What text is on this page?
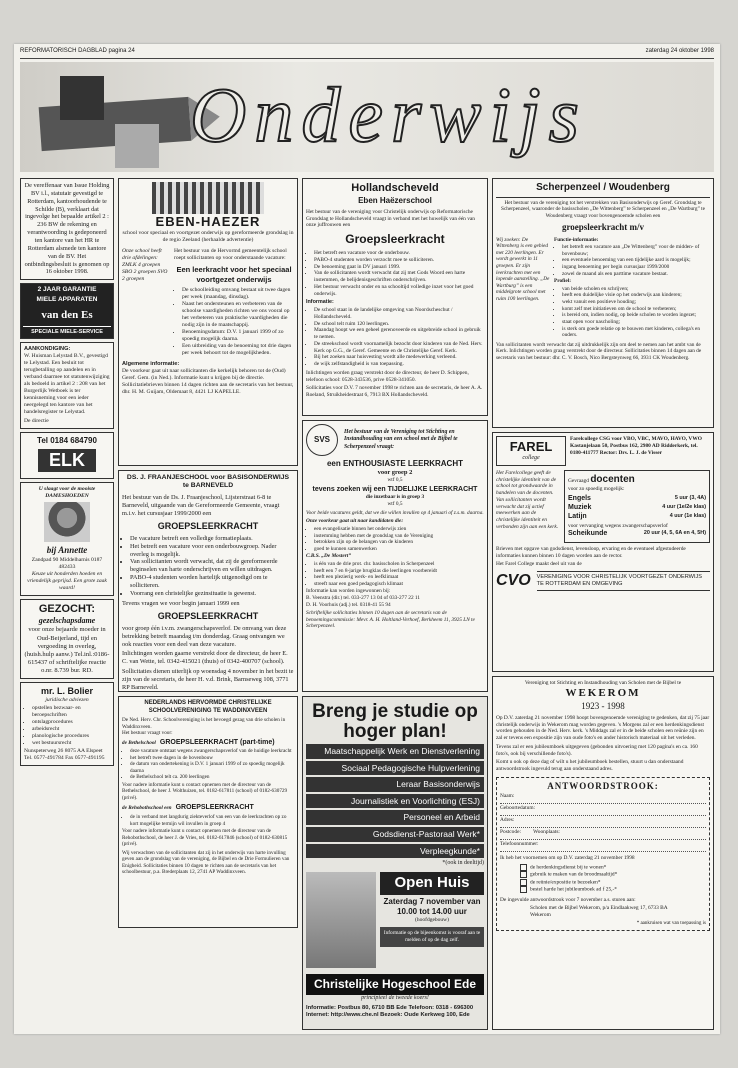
REFORMATORISCH DAGBLAD pagina 24	zaterdag 24 oktober 1998
Onderwijs
De vereffenaar van Issue Holding BV i.l., statutair gevestigd te Rotterdam, kantoorhoudende te Schilde (B), verklaart dat ingevolge het bepaalde artikel 2 : 236 BW de rekening en verantwoording is gedeponeerd ten kantore van het HR te Rotterdam alsmede ten kantore van de BV. Het ontbindingsbesluit is genomen op 16 oktober 1998.
2 JAAR GARANTIE
MIELE APPARATEN
van den Es
SPECIALE MIELE-SERVICE
AANKONDIGING:
W. Huisman Lelystad B.V., gevestigd te Lelystad. Een besluit tot terugbetalling op aandelen en in verband daarmee tot statutenwijziging als bedoeld in artikel 2 : 208 van het Burgerlijk Wetboek is ter kennisneming voor een ieder neergelegd ten kantore van het handelsregister te Lelystad.
De directie
Tel 0184 684790
ELK
U slaagt voor de mooiste DAMESHOEDEN
bij Annette
Zandpad 90 Middelharnis 0187 482433
Keuze uit honderden hoeden en vriendelijk geprijsd. Een grote zaak waard!
GEZOCHT:
gezelschapsdame
voor onze bejaarde moeder in Oud-Beijerland, tijd en vergoeding in overleg, (huish.hulp aanw.) Tel.inl.:0186-615437 of schriftelijke reactie o.nr. 8.739 bur. RD.
mr. L. Bolier
juridische adviezen
• opstellen bezwaar- en beroepschriften
• ontslagprocedures
• arbeidsrecht
• planologische procedures
• wet bestuursrecht
Nunspeterweg 26 8075 AA Elspeet Tel. 0577-491784 Fax 0577-491195
EBEN-HAEZER
school voor speciaal en voortgezet onderwijs op gereformeerde grondslag in de regio Zeeland (herhaalde advertentie)
Onze school heeft drie afdelingen: ZMLK 4 groepen SBO 2 groepen SVO 2 groepen
Het bestuur van de Hervormd gemeentelijk school roept sollicitanten op voor onderstaande vacature:
Een leerkracht voor het speciaal voortgezet onderwijs
• De schoolleiding omvang bestaat uit twee dagen per week (maandag, dinsdag).
• Naast het ondersteunen en verbeteren van de schoolse vaardigheden richten we ons vooral op het verbeteren van praktische vaardigheden die nodig zijn in de maatschappij.
• Benoemingsdatum: D.V. 1 januari 1999 of zo spoedig mogelijk daarna.
• Een uitbreiding van de benoeming tot drie dagen per week behoort tot de mogelijkheden.
Algemene informatie:
De voorkeur gaat uit naar sollicitanten die kerkelijk behoren tot de (Oud) Geref. Gem. (in Ned.). Informatie kunt u krijgen bij de directie. Sollicitatiebrieven binnen 14 dagen richten aan de secretaris van het bestuur, dhr. H. M. Guijam, Oldemaat 8, 4421 LJ KAPELLE.
DS. J. FRAANJESCHOOL voor BASISONDERWIJS
te BARNEVELD
Het bestuur van de Ds. J. Fraanjeschool, Lijsterstraat 6-8 te Barneveld, uitgaande van de Gereformeerde Gemeente, vraagt m.i.v. het cursusjaar 1999/2000 een
GROEPSLEERKRACHT
• De vacature betreft een volledige formatieplaats.
• Het betreft een vacature voor een onderbouwgroep. Nader overleg is mogelijk.
• Van sollicitanten wordt verwacht, dat zij de gereformeerde beginselen van harte onderschrijven en willen uitdragen.
• PABO-4 studenten worden hartelijk uitgenodigd om te solliciteren.
• Voorrang een christelijke gezinsituatie is gewenst.
Tevens vragen we voor begin januari 1999 een
GROEPSLEERKRACHT
voor groep één i.v.m. zwangerschapsverlof. De omvang van deze betrekking betreft maandag t/m donderdag. Graag ontvangen we ook reacties voor een deel van deze vacature.
Inlichtingen worden gaarne verstrekt door de directeur, de heer E. C. van Wette, tel. 0342-415021 (thuis) of 0342-400707 (school).
Sollicitaties dienen uiterlijk op woensdag 4 november in het bezit te zijn van de secretaris, de heer H. v.d. Brink, Barnseweg 108, 3771 RP Barneveld.
NEDERLANDS HERVORMDE CHRISTELIJKE SCHOOLVERENIGING TE WADDINXVEEN
De Ned. Herv. Chr. Schoolvereniging is het bevoegd gezag van drie scholen in Waddinxveen.
Het bestuur vraagt voor:
de Bethelschool GROEPSLEERKRACHT (part-time)
• deze vacature ontstaat wegens zwangerschapsverlof van de huidige leerkracht
• het betreft twee dagen in de bovenbouw
• de datum van ondertekening is D.V. 1 januari 1999 of zo spoedig mogelijk daarna
• de Bethelschool telt ca. 200 leerlingen
Voor nadere informatie kunt u contact opnemen met de directeur van de Bethelschool, de heer J. Wolthuizen, tel. 0182-617811 (school) of 0182-630729 (privé).
de Rehobothschool een GROEPSLEERKRACHT
• de in verband met langdurig ziekteverlof van een van de leerkrachten op zo kort mogelijke termijn wil invullen in groep 4
Voor nadere informatie kunt u contact opnemen met de directeur van de Rehobothschool, de heer J. de Vries, tel. 0182-617846 (school) of 0182-630815 (privé).
Wij verwachten van de sollicitanten dat zij in het onderwijs van harte invulling geven aan de grondslag van de vereniging, de Bijbel en de Drie Formulieren van Enigheid. Sollicitaties binnen 10 dagen te richten aan de secretaris van het schoolbestuur, p.a. Brederplaats 12, 2741 AP Waddinxveen.
Hollandscheveld
Eben Haëzerschool
Het bestuur van de vereniging voor Christelijk onderwijs op Reformatorische Grondslag te Hollandscheveld vraagt in verband met het huwelijk van één van onze juffrouwen een
Groepsleerkracht
• Het betreft een vacature voor de onderbouw.
• PABO-4 studenten worden verzocht mee te solliciteren.
• De benoeming gaat in DV januari 1999.
• Van de sollicitanten wordt verwacht dat zij met Gods Woord een harte instemmen, de belijdenisgeschriften onderschrijven.
• Het bestuur verwacht onder en na schooltijd volledige inzet voor het goed onderwijs.
Informatie:
• De school staat in de landelijke omgeving van Noordscheschut / Hollandscheveld.
• De school telt ruim 120 leerlingen.
• Maandag hoopt we een geheel gerenoveerde en uitgebreide school in gebruik te nemen.
• De streekschool wordt voornamelijk bezocht door kinderen van de Ned. Herv. Kerk op G.G., de Geref. Gemeente en de Christelijke Geref. Kerk.
• Bij het zoeken naar huisvesting wordt alle medewerking verleend.
• de wijk zelfstandigheid is van toepassing.
Inlichtingen worden graag verstrekt door de directeur, de heer D. Schippen, telefoon school: 0528-343536, prive 0528-341050.
Sollicitaties voor D.V. 7 november 1998 te richten aan de secretaris, de heer A. A. Roeland, Struikheidestraat 6, 7913 BX Hollandscheveld.
SVS
Het bestuur van de Vereniging tot Stichting en Instandhouding van een school met de Bijbel te Scherpenzeel vraagt:
een ENTHOUSIASTE LEERKRACHT
voor groep 2
wtf 0,5
tevens zoeken wij een TIJDELIJKE LEERKRACHT
die inzetbaar is in groep 3
wtf 0,5
Voor beide vacatures geldt, dat we die willen invullen op 4 januari of z.s.m. daarna.
Onze voorkeur gaat uit naar kandidaten die:
• een evangelisatie binnen het onderwijs zien
• instemming hebben met de grondslag van de Vereniging
• betrokken zijn op de belangen van de kinderen
• goed te kunnen samenwerken
C.B.S. „De Mostert”
• is één van de drie prot. chr. basisscholen in Scherpenzeel
• heeft een 7 en 8-jarige brugklas die leerlingen voorbereidt
• heeft een plezierig werk- en leefklimaat
• streeft naar een goed pedagogisch klimaat
Informatie kan worden ingewonnen bij:
B. Veenstra (dir.) tel. 033-277 13 04 of 033-277 22 11
D. H. Voorhuis (adj.) tel. 0318-41 55 94
Schriftelijke sollicitaties binnen 10 dagen aan de secretaris van de benoemingscommissie: Mevr. A. H. Holtland-Verhoef, Berkheem 11, 3925 LN te Scherpenzeel.
Breng je studie op hoger plan!
Maatschappelijk Werk en Dienstverlening
Sociaal Pedagogische Hulpverlening
Leraar Basisonderwijs
Journalistiek en Voorlichting (ESJ)
Personeel en Arbeid
Godsdienst-Pastoraal Werk*
Verpleegkunde*
*(ook in deeltijd)
Open Huis
Zaterdag 7 november van 10.00 tot 14.00 uur
(hoofdgebouw)
Informatie op de bijeenkomst is vooraf aan te melden of op de dag zelf.
Christelijke Hogeschool Ede
principieel de tweede koers!
Informatie: Postbus 80, 6710 BB Ede Telefoon: 0318 - 696300
Internet: http://www.che.nl Bezoek: Oude Kerkweg 100, Ede
Scherpenzeel / Woudenberg
Het bestuur van de vereniging tot het verstrekken van Basisonderwijs op Geref. Grondslag te Scherpenzeel, waaronder de basisscholen „De Wittenberg” te Scherpenzeel en „De Wartburg” te Woudenberg vraagt voor bovengenoemde scholen een
groepsleerkracht m/v
Wij zoeken: De Wittenberg is een gebied met 220 leerlingen. Er wordt gewerkt in 11 groepen. Er zijn leerkrachten met een lopende aanstelling. „De Wartburg” is een middelgrote school met ruim 100 leerlingen.
Functie-informatie:
• het betreft een vacature aan „De Wittenberg” voor de midden- of bovenbouw;
• een eventuele benoeming van een tijdelijke aard is mogelijk;
• ingang benoeming per begin cursusjaar 1999/2000
• zowel de maand als een parttime vacature bestaat.
Profiel:
• van beide scholen en schrijven;
• heeft een duidelijke visie op het onderwijs aan kinderen;
• wekt vanuit een positieve houding;
• komt zelf met initiatieven om de school te verbeteren;
• is bereid om, indien nodig, op beide scholen te worden ingezet;
• staat open voor nascholing;
• is sterk om goede relatie op te bouwen met kinderen, collega's en ouders.
Van sollicitanten wordt verwacht dat zij uitdrukkelijk zijn om deel te nemen aan het ambt van de Kerk. Inlichtingen worden graag verstrekt door de directeur. Sollicitaties binnen 14 dagen aan de secretaris van het bestuur: dhr. C. V. Bosch, Nico Bergsteynweg 66, 3931 CK Woudenberg.
FAREL
college
Farelcollege CSG voor VBO, VBC, MAVO, HAVO, VWO Kastanjelaan 50, Postbus 162, 2980 AD Ridderkerk, tel. 0180-411777 Rector: Drs. L. J. de Visser
Het Farelcollege geeft de christelijke identiteit van de school tot grondwaarde in handelen van de docenten. Van sollicitanten wordt verwacht dat zij actief meewerken aan de christelijke identiteit en verbonden zijn aan een kerk.
Gevraagd docenten
voor zo spoedig mogelijk:
Engels	5 uur (3, 4A)
Muziek	4 uur (1e/2e klas)
Latijn	4 uur (1e klas)
voor vervanging wegens zwangerschapsverlof
Scheikunde	20 uur (4, 5, 6A en 4, 5H)
Brieven met opgave van godsdienst, levensloop, ervaring en de eventueel afgestudeerde informaties kunnen binnen 10 dagen worden aan de rector.
Het Farel College maakt deel uit van de
CVO VERENIGING VOOR CHRISTELIJK VOORTGEZET ONDERWIJS TE ROTTERDAM EN OMGEVING
Vereniging tot Stichting en Instandhouding van Scholen met de Bijbel te
WEKEROM
1923 - 1998
Op D.V. zaterdag 21 november 1998 hoopt bovengenoemde vereniging te gedenken, dat zij 75 jaar christelijk onderwijs in Wekerom mag worden gegeven. 's Morgens zal er een herdenkingsdienst worden gehouden in de Ned. Herv. kerk. 's Middags zal er in de beide scholen een reünie zijn en zal er tevens een expositie zijn van oude foto's en ander historisch materiaal uit het verleden.
Tevens zal er een jubileumboek uitgegeven (gebonden uitvoering met 120 pagina's en ca. 160 foto's, ook bij verschillende foto's).
Komt u ook op deze dag of wilt u het jubileumboek bestellen, stuurt u dan onderstaand antwoordstrook ingevuld terug aan onderstaand adres.
ANTWOORDSTROOK:
Naam:
Geboortedatum:
Adres:
Postcode: Woonplaats:
Telefoonnummer:
Ik heb het voornemen om op D.V. zaterdag 21 november 1998
de herdenkingsdienst bij te wonen*
gebruik te maken van de broodmaaltijd*
de reünie/expositie te bezoeken*
bestel harde het jubileumboek ad f 25,-*
De ingevulde antwoordstrook voor 7 november a.s. sturen aan:
Scholen met de Bijbel Wekerom, p/a Eindlaakweg 17, 6733 BA Wekerom
* aankruisen wat van toepassing is
